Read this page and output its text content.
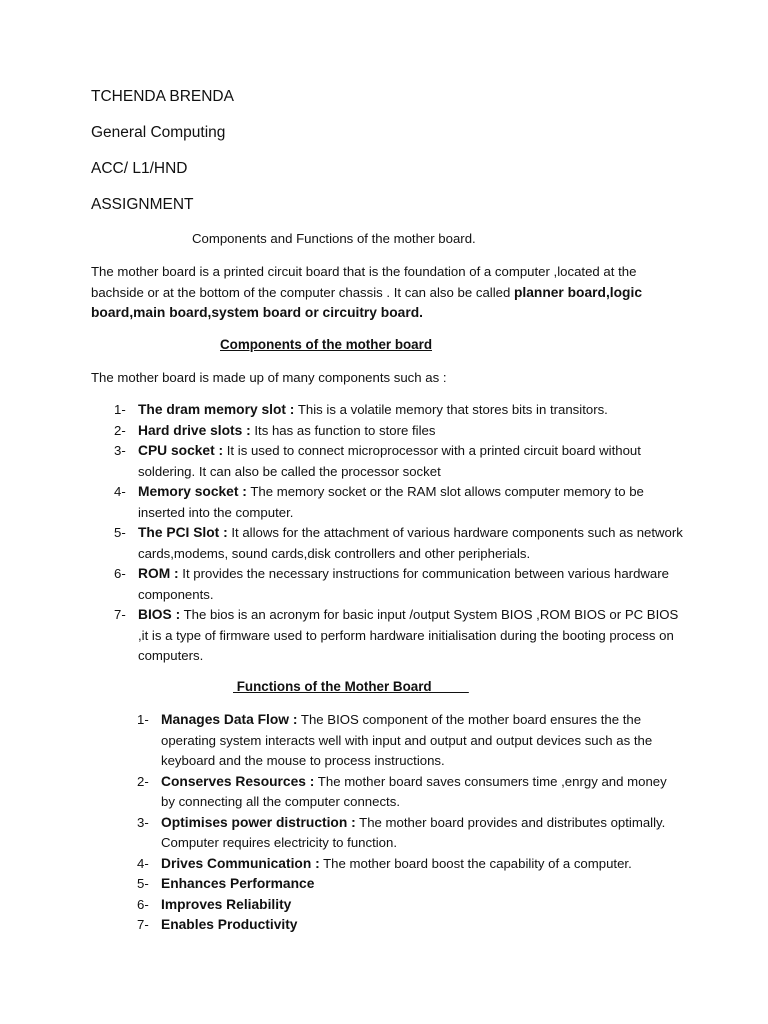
TCHENDA BRENDA

General Computing

ACC/ L1/HND

ASSIGNMENT

Components and Functions of the mother board.

The mother board is a printed circuit board that is the foundation of a computer ,located at the bachside or at the bottom of the computer chassis . It can also be called planner board,logic board,main board,system board or circuitry board.

Components of the mother board

The mother board is made up of many components such as :

1- The dram memory slot : This is a volatile memory that stores bits in transitors.
2- Hard drive slots : Its has as function to store files
3- CPU socket : It is used to connect microprocessor with a printed circuit board without soldering. It can also be called the processor socket
4- Memory socket : The memory socket or the RAM slot allows computer memory to be inserted into the computer.
5- The PCI Slot : It allows for the attachment of various hardware components such as network cards,modems, sound cards,disk controllers and other peripherials.
6- ROM : It provides the necessary instructions for communication between various hardware components.
7- BIOS : The bios is an acronym for basic input /output System BIOS ,ROM BIOS or PC BIOS ,it is a type of firmware used to perform hardware initialisation during the booting process on computers.

Functions of the Mother Board

1- Manages Data Flow : The BIOS component of the mother board ensures the the operating system interacts well with input and output and output devices such as the keyboard and the mouse to process instructions.
2- Conserves Resources : The mother board saves consumers time ,enrgy and money by connecting all the computer connects.
3- Optimises power distruction : The mother board provides and distributes optimally. Computer requires electricity to function.
4- Drives Communication : The mother board boost the capability of a computer.
5- Enhances Performance
6- Improves Reliability
7- Enables Productivity
